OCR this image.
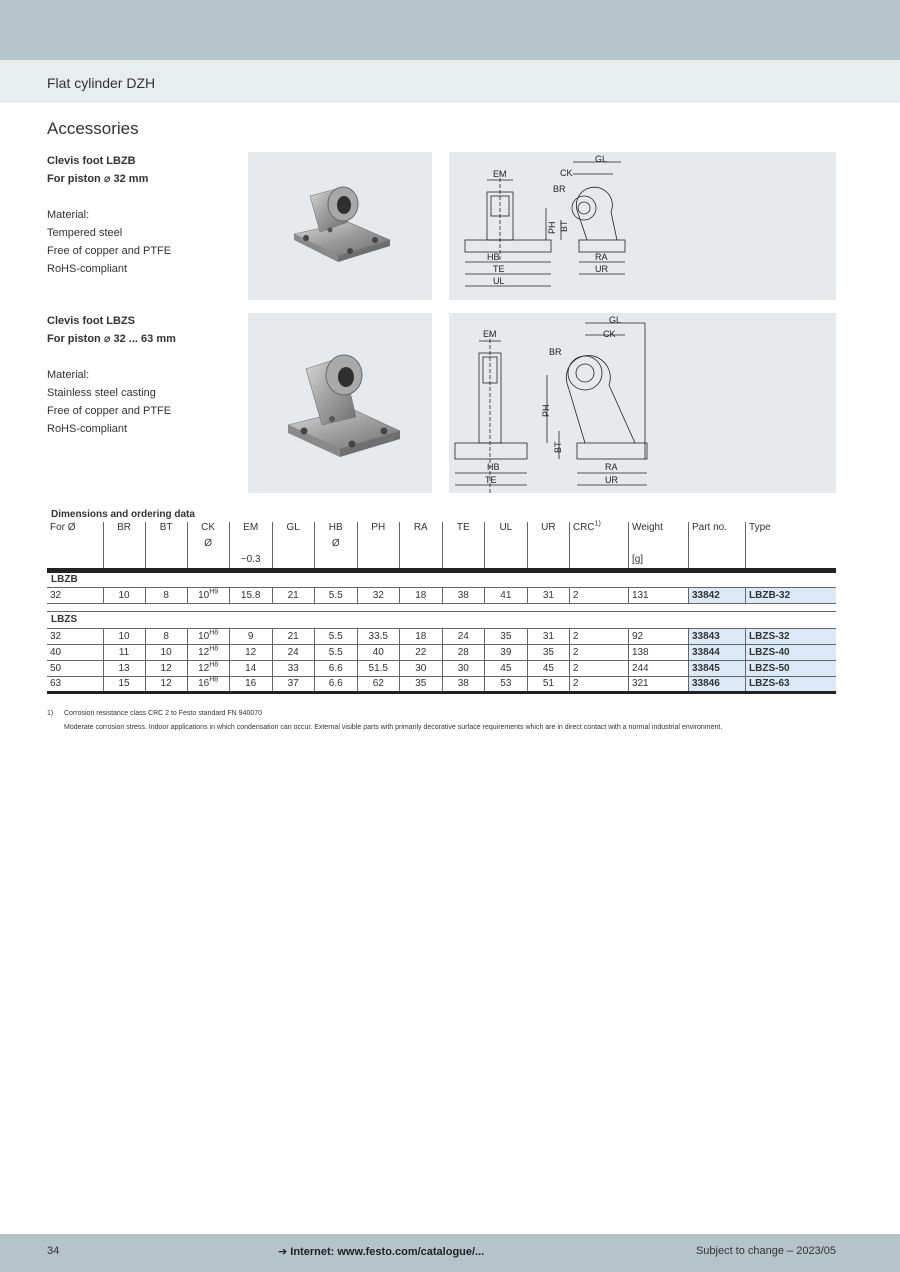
Flat cylinder DZH
Accessories
Clevis foot LBZB
For piston ⌀ 32 mm
Material:
Tempered steel
Free of copper and PTFE
RoHS-compliant
EM
GL
CK
BR
PH BT
HB
TE
UL
RA
UR
Clevis foot LBZS
For piston ⌀ 32 ... 63 mm
Material:
Stainless steel casting
Free of copper and PTFE
RoHS-compliant
EM
GL
CK
BR
PH
BT
HB
TE
RA
UR
Dimensions and ordering data															
For Ø	BR	BT	CK	EM	GL	HB	PH	RA	TE	UL	UR	CRC$^{1)}$	Weight	Part no.	Type
			Ø			Ø									
				−0.3									[g]		
LBZB															
32	10	8	$10^{H9}$	15.8	21	5.5	32	18	38	41	31	2	131	33842	LBZB-32

LBZS															
32	10	8	$10^{H8}$	9	21	5.5	33.5	18	24	35	31	2	92	33843	LBZS-32
40	11	10	$12^{H8}$	12	24	5.5	40	22	28	39	35	2	138	33844	LBZS-40
50	13	12	$12^{H8}$	14	33	6.6	51.5	30	30	45	45	2	244	33845	LBZS-50
63	15	12	$16^{H8}$	16	37	6.6	62	35	38	53	51	2	321	33846	LBZS-63
1) Corrosion resistance class CRC 2 to Festo standard FN 940070
Moderate corrosion stress. Indoor applications in which condensation can occur. External visible parts with primarily decorative surface requirements which are in direct contact with a normal industrial environment.
34	➔ Internet: www.festo.com/catalogue/...	Subject to change – 2023/05
